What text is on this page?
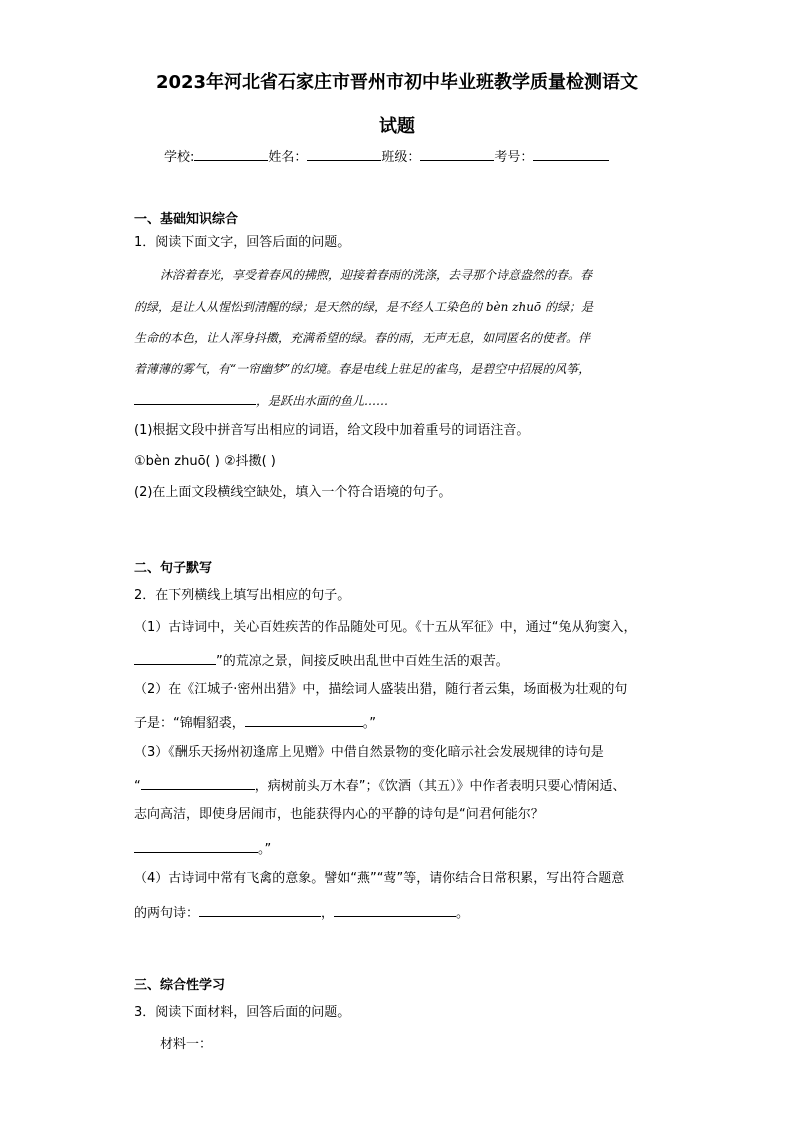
2023年河北省石家庄市晋州市初中毕业班教学质量检测语文
试题
学校:	姓名：	班级：	考号：
一、基础知识综合
1．阅读下面文字，回答后面的问题。
沐浴着春光，享受着春风的拂煦，迎接着春雨的洗涤，去寻那个诗意盎然的春。春
的绿，是让人从惺忪到清醒的绿；是天然的绿，是不经人工染色的 bèn zhuō 的绿；是
生命的本色，让人浑身抖擞，充满希望的绿。春的雨，无声无息，如同匿名的使者。伴
着薄薄的雾气，有“一帘幽梦”的幻境。春是电线上驻足的雀鸟，是碧空中招展的风筝，
，是跃出水面的鱼儿……
(1)根据文段中拼音写出相应的词语，给文段中加着重号的词语注音。
①bèn zhuō( ) ②抖擞( )
(2)在上面文段横线空缺处，填入一个符合语境的句子。
二、句子默写
2．在下列横线上填写出相应的句子。
（1）古诗词中，关心百姓疾苦的作品随处可见。《十五从军征》中，通过“兔从狗窦入，
”的荒凉之景，间接反映出乱世中百姓生活的艰苦。
（2）在《江城子·密州出猎》中，描绘词人盛装出猎，随行者云集，场面极为壮观的句
子是：“锦帽貂裘，	。”
（3）《酬乐天扬州初逢席上见赠》中借自然景物的变化暗示社会发展规律的诗句是
“	，病树前头万木春”；《饮酒（其五）》中作者表明只要心情闲适、
志向高洁，即使身居闹市，也能获得内心的平静的诗句是“问君何能尔？
。”
（4）古诗词中常有飞禽的意象。譬如“燕”“莺”等，请你结合日常积累，写出符合题意
的两句诗：	，	。
三、综合性学习
3．阅读下面材料，回答后面的问题。
材料一：
